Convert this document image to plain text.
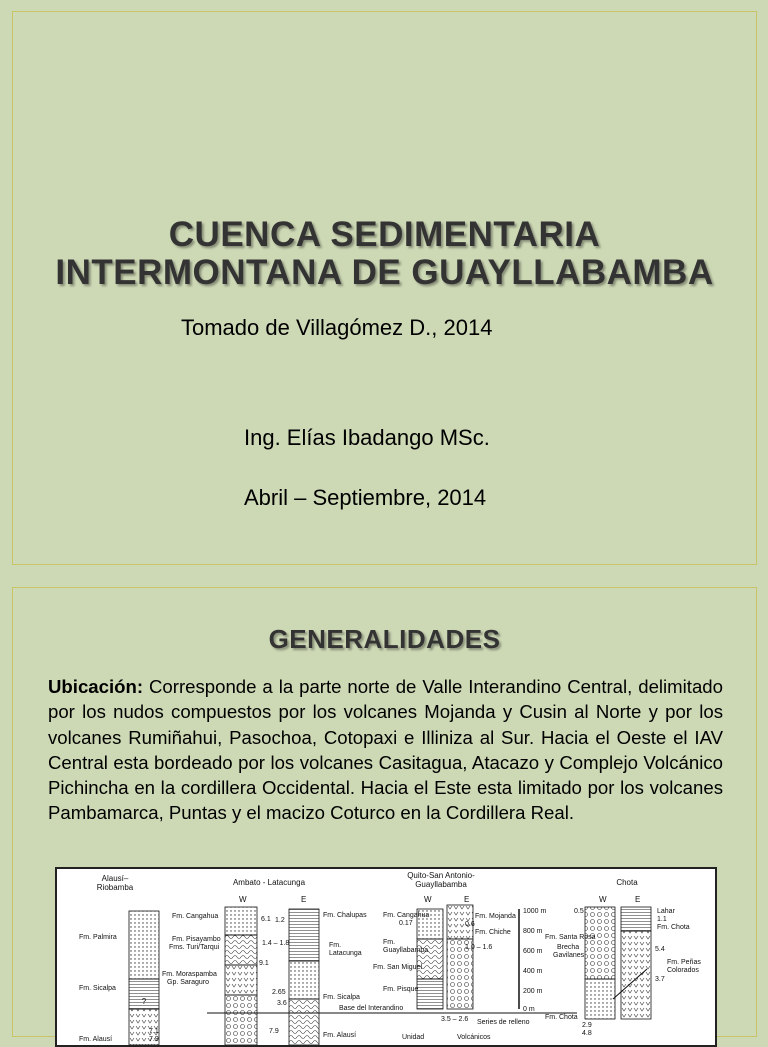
CUENCA SEDIMENTARIA
INTERMONTANA DE GUAYLLABAMBA
Tomado de Villagómez D., 2014
Ing. Elías Ibadango MSc.
Abril – Septiembre, 2014
GENERALIDADES
Ubicación: Corresponde a la parte norte de Valle Interandino Central, delimitado por los nudos compuestos por los volcanes Mojanda y Cusin al Norte y por los volcanes Rumiñahui, Pasochoa, Cotopaxi e Illiniza al Sur. Hacia el Oeste el IAV Central esta bordeado por los volcanes Casitagua, Atacazo y Complejo Volcánico Pichincha en la cordillera Occidental. Hacia el Este esta limitado por los volcanes Pambamarca, Puntas y el macizo Coturco en la Cordillera Real.
Alausí–
Riobamba
Ambato - Latacunga
Quito-San Antonio-
Guayllabamba	Chota
W	E	W	E	W	E
Fm. Palmira
Fm. Sicalpa
Fm. Alausí
?
Fm. Cangahua
Fm. Pisayambo
Fms. Turi/Tarqui
Fm. Moraspamba
Gp. Saraguro
6.1
9.1
1.2
1.4 – 1.8
2.65
3.6
Fm. Chalupas
Fm.
Latacunga
Fm. Sicalpa
Fm. Alausí
7.1
7.9
7.9
Base del Interandino
Fm. Cangahua
0.17
Fm. Mojanda
0.6
Fm. Chiche
1.0 – 1.6
Fm.
Guayllabamba
Fm. San Miguel
Fm. Pisque
3.5 – 2.6 Series de relleno
Volcánicos
Unidad
1000 m
800 m
600 m
400 m
200 m
0 m
0.5	Lahar
1.1
Fm. Chota
5.4
3.7
Fm. Peñas
Colorados
Fm. Santa Rosa
Brecha
Gavilanes
Fm. Chota
2.9
4.8
